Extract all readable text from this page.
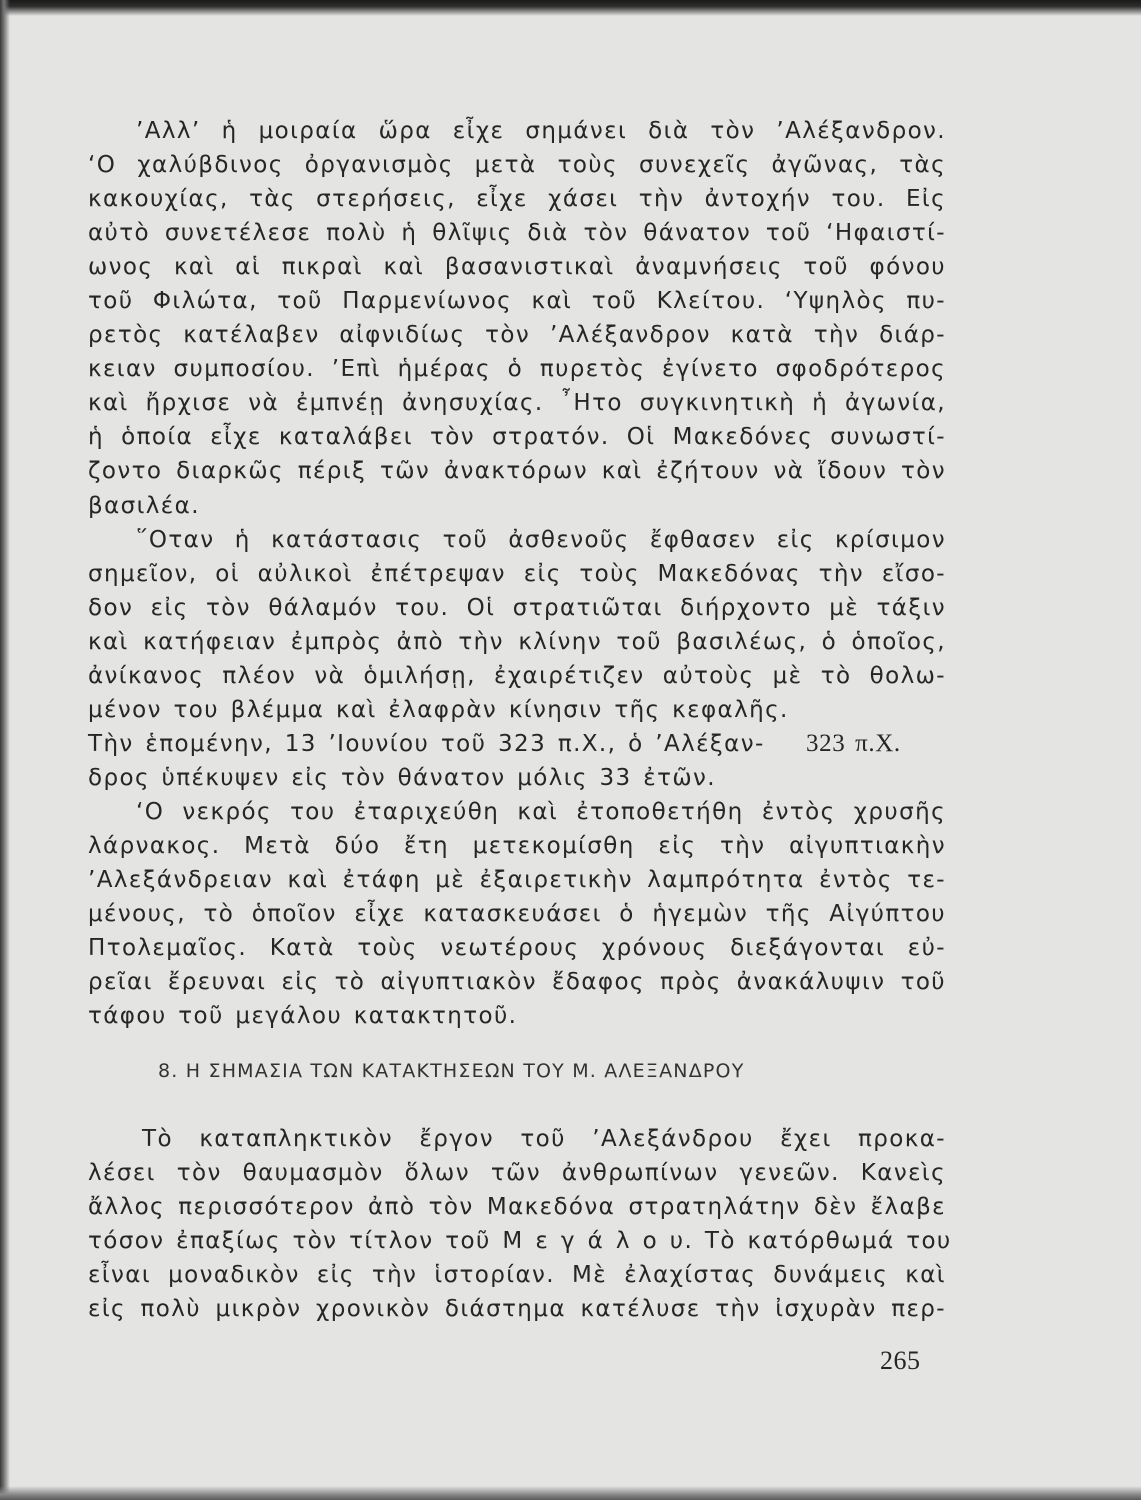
’Αλλ’ ἡ μοιραία ὥρα εἶχε σημάνει διὰ τὸν ’Αλέξανδρον.
‘Ο χαλύβδινος ὀργανισμὸς μετὰ τοὺς συνεχεῖς ἀγῶνας, τὰς
κακουχίας, τὰς στερήσεις, εἶχε χάσει τὴν ἀντοχήν του. Εἰς
αὐτὸ συνετέλεσε πολὺ ἡ θλῖψις διὰ τὸν θάνατον τοῦ ‘Ηφαιστί-
ωνος καὶ αἱ πικραὶ καὶ βασανιστικαὶ ἀναμνήσεις τοῦ φόνου
τοῦ Φιλώτα, τοῦ Παρμενίωνος καὶ τοῦ Κλείτου. ‘Υψηλὸς πυ-
ρετὸς κατέλαβεν αἰφνιδίως τὸν ’Αλέξανδρον κατὰ τὴν διάρ-
κειαν συμποσίου. ’Επὶ ἡμέρας ὁ πυρετὸς ἐγίνετο σφοδρότερος
καὶ ἤρχισε νὰ ἐμπνέῃ ἀνησυχίας. ῏Ητο συγκινητικὴ ἡ ἀγωνία,
ἡ ὁποία εἶχε καταλάβει τὸν στρατόν. Οἱ Μακεδόνες συνωστί-
ζοντο διαρκῶς πέριξ τῶν ἀνακτόρων καὶ ἐζήτουν νὰ ἴδουν τὸν
βασιλέα.
῞Οταν ἡ κατάστασις τοῦ ἀσθενοῦς ἔφθασεν εἰς κρίσιμον
σημεῖον, οἱ αὐλικοὶ ἐπέτρεψαν εἰς τοὺς Μακεδόνας τὴν εἴσο-
δον εἰς τὸν θάλαμόν του. Οἱ στρατιῶται διήρχοντο μὲ τάξιν
καὶ κατήφειαν ἐμπρὸς ἀπὸ τὴν κλίνην τοῦ βασιλέως, ὁ ὁποῖος,
ἀνίκανος πλέον νὰ ὁμιλήσῃ, ἐχαιρέτιζεν αὐτοὺς μὲ τὸ θολω-
μένον του βλέμμα καὶ ἐλαφρὰν κίνησιν τῆς κεφαλῆς.
Τὴν ἑπομένην, 13 ’Ιουνίου τοῦ 323 π.Χ., ὁ ’Αλέξαν- 323 π.Χ.
δρος ὑπέκυψεν εἰς τὸν θάνατον μόλις 33 ἐτῶν.
‘Ο νεκρός του ἐταριχεύθη καὶ ἐτοποθετήθη ἐντὸς χρυσῆς
λάρνακος. Μετὰ δύο ἔτη μετεκομίσθη εἰς τὴν αἰγυπτιακὴν
’Αλεξάνδρειαν καὶ ἐτάφη μὲ ἐξαιρετικὴν λαμπρότητα ἐντὸς τε-
μένους, τὸ ὁποῖον εἶχε κατασκευάσει ὁ ἡγεμὼν τῆς Αἰγύπτου
Πτολεμαῖος. Κατὰ τοὺς νεωτέρους χρόνους διεξάγονται εὐ-
ρεῖαι ἔρευναι εἰς τὸ αἰγυπτιακὸν ἔδαφος πρὸς ἀνακάλυψιν τοῦ
τάφου τοῦ μεγάλου κατακτητοῦ.
8. Η ΣΗΜΑΣΙΑ ΤΩΝ ΚΑΤΑΚΤΗΣΕΩΝ ΤΟΥ Μ. ΑΛΕΞΑΝΔΡΟΥ
Τὸ καταπληκτικὸν ἔργον τοῦ ’Αλεξάνδρου ἔχει προκα-
λέσει τὸν θαυμασμὸν ὅλων τῶν ἀνθρωπίνων γενεῶν. Κανεὶς
ἄλλος περισσότερον ἀπὸ τὸν Μακεδόνα στρατηλάτην δὲν ἔλαβε
τόσον ἐπαξίως τὸν τίτλον τοῦ Μ ε γ ά λ ο υ. Τὸ κατόρθωμά του
εἶναι μοναδικὸν εἰς τὴν ἱστορίαν. Μὲ ἐλαχίστας δυνάμεις καὶ
εἰς πολὺ μικρὸν χρονικὸν διάστημα κατέλυσε τὴν ἰσχυρὰν περ-
265
